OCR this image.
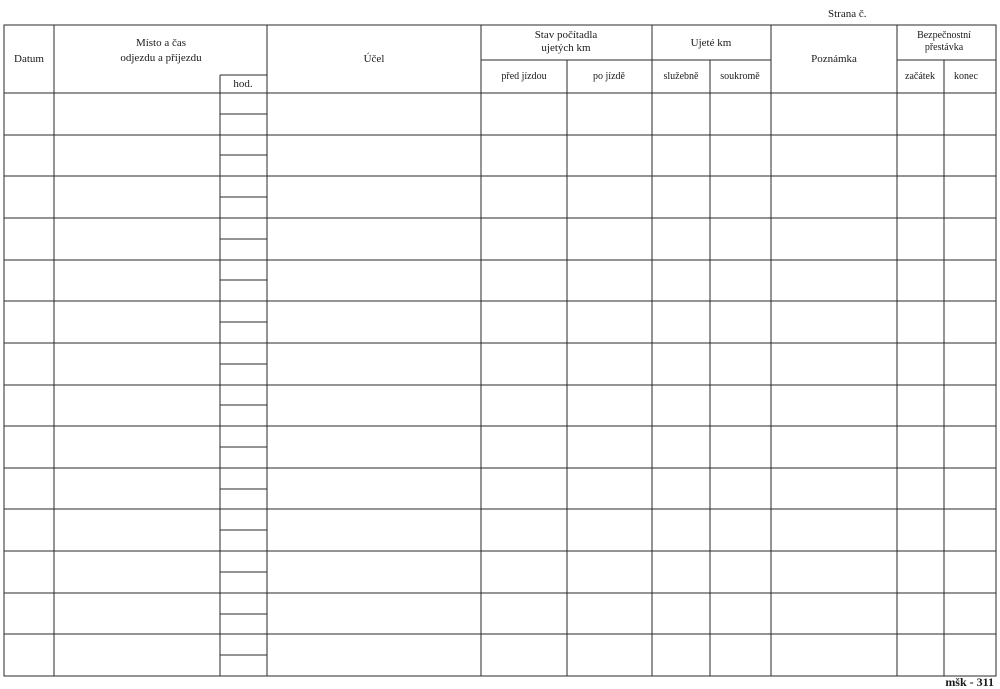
Strana č.
Datum
Místo a čas
odjezdu a příjezdu
hod.
Účel
Stav počítadla
ujetých km
před jízdou	po jízdě
Ujeté km
služebně soukromě
Poznámka
Bezpečnostní
přestávka
začátek konec
mšk - 311
